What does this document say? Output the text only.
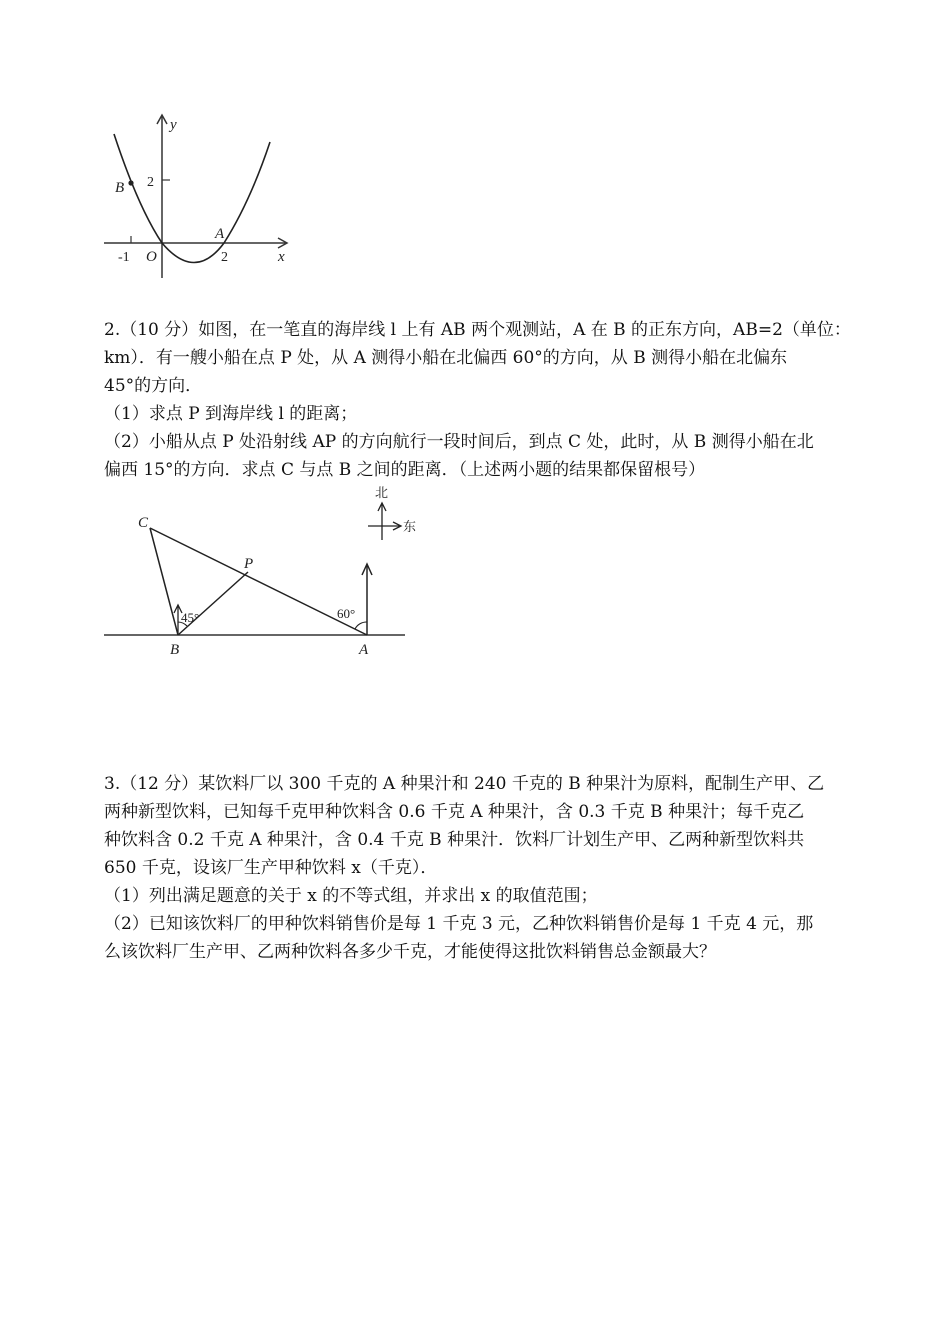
y
x
B
A
O
2
-1	2
2.（10 分）如图，在一笔直的海岸线 l 上有 AB 两个观测站，A 在 B 的正东方向，AB=2（单位：
km）．有一艘小船在点 P 处，从 A 测得小船在北偏西 60°的方向，从 B 测得小船在北偏东
45°的方向．
（1）求点 P 到海岸线 l 的距离；
（2）小船从点 P 处沿射线 AP 的方向航行一段时间后，到点 C 处，此时，从 B 测得小船在北
偏西 15°的方向．求点 C 与点 B 之间的距离．（上述两小题的结果都保留根号）
C
P
B	A
45°	60°
北
东
3.（12 分）某饮料厂以 300 千克的 A 种果汁和 240 千克的 B 种果汁为原料，配制生产甲、乙
两种新型饮料，已知每千克甲种饮料含 0.6 千克 A 种果汁，含 0.3 千克 B 种果汁；每千克乙
种饮料含 0.2 千克 A 种果汁，含 0.4 千克 B 种果汁．饮料厂计划生产甲、乙两种新型饮料共
650 千克，设该厂生产甲种饮料 x（千克）．
（1）列出满足题意的关于 x 的不等式组，并求出 x 的取值范围；
（2）已知该饮料厂的甲种饮料销售价是每 1 千克 3 元，乙种饮料销售价是每 1 千克 4 元，那
么该饮料厂生产甲、乙两种饮料各多少千克，才能使得这批饮料销售总金额最大？
